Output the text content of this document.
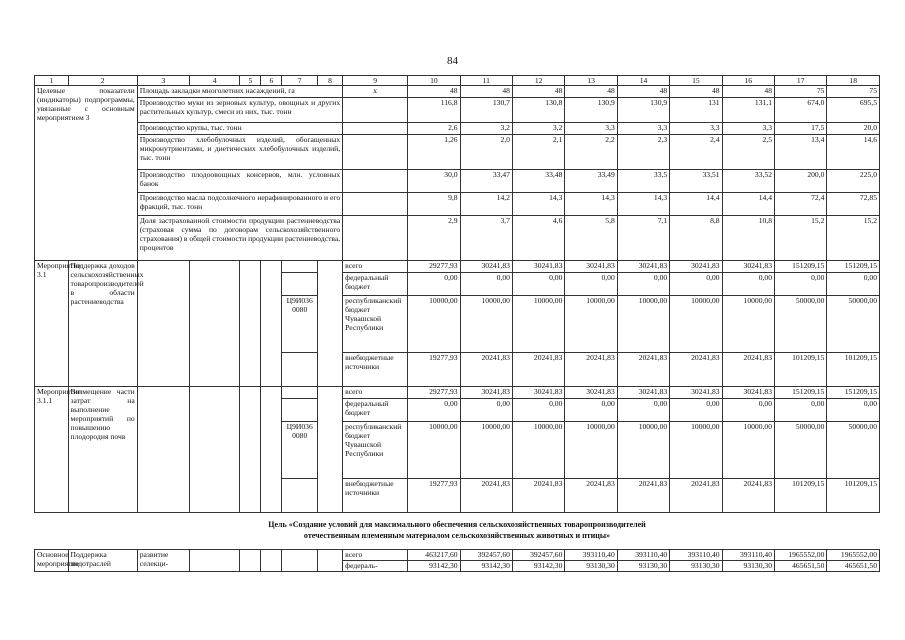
84
1	2	3	4	5	6	7	8	9	10	11	12	13	14	15	16	17	18
Целевые показатели (индикаторы) подпрограммы, увязанные с основным мероприятием 3		Площадь закладки многолетних насаждений, га						x	48	48	48	48	48	48	48	75	75
		Производство муки из зерновых культур, овощных и других растительных культур, смеси из них, тыс. тонн							116,8	130,7	130,8	130,9	130,9	131	131,1	674,0	695,5
		Производство крупы, тыс. тонн							2,6	3,2	3,2	3,3	3,3	3,3	3,3	17,5	20,0
		Производство хлебобулочных изделий, обогащенных микронутриентами, и диетических хлебобулочных изделий, тыс. тонн							1,26	2,0	2,1	2,2	2,3	2,4	2,5	13,4	14,6
		Производство плодоовощных консервов, млн. условных банок							30,0	33,47	33,48	33,49	33,5	33,51	33,52	200,0	225,0
		Производство масла подсолнечного нерафинированного и его фракций, тыс. тонн							9,8	14,2	14,3	14,3	14,3	14,4	14,4	72,4	72,85
		Доля застрахованной стоимости продукции растениеводства (страховая сумма по договорам сельскохозяйственного страхования) в общей стоимости продукции растениеводства, процентов							2,9	3,7	4,6	5,8	7,1	8,8	10,8	15,2	15,2
Мероприятие 3.1	Поддержка доходов сельскохозяйственных товаропроизводителей в области растениеводства							всего	29277,93	30241,83	30241,83	30241,83	30241,83	30241,83	30241,83	151209,15	151209,15
								федеральный бюджет	0,00	0,00	0,00	0,00	0,00	0,00	0,00	0,00	0,00
						Ц9И036 0080		республиканский бюджет Чувашской Республики	10000,00	10000,00	10000,00	10000,00	10000,00	10000,00	10000,00	50000,00	50000,00
								внебюджетные источники	19277,93	20241,83	20241,83	20241,83	20241,83	20241,83	20241,83	101209,15	101209,15
Мероприятие 3.1.1	Возмещение части затрат на выполнение мероприятий по повышению плодородия почв							всего	29277,93	30241,83	30241,83	30241,83	30241,83	30241,83	30241,83	151209,15	151209,15
								федеральный бюджет	0,00	0,00	0,00	0,00	0,00	0,00	0,00	0,00	0,00
						Ц9И036 0080		республиканский бюджет Чувашской Республики	10000,00	10000,00	10000,00	10000,00	10000,00	10000,00	10000,00	50000,00	50000,00
								внебюджетные источники	19277,93	20241,83	20241,83	20241,83	20241,83	20241,83	20241,83	101209,15	101209,15
Цель «Создание условий для максимального обеспечения сельскохозяйственных товаропроизводителей
отечественным племенным материалом сельскохозяйственных животных и птицы»
Основное мероприятие	Поддержка подотраслей	развитие селекци-						всего	463217,60	392457,60	392457,60	393110,40	393110,40	393110,40	393110,40	1965552,00	1965552,00
								федераль-	93142,30	93142,30	93142,30	93130,30	93130,30	93130,30	93130,30	465651,50	465651,50
